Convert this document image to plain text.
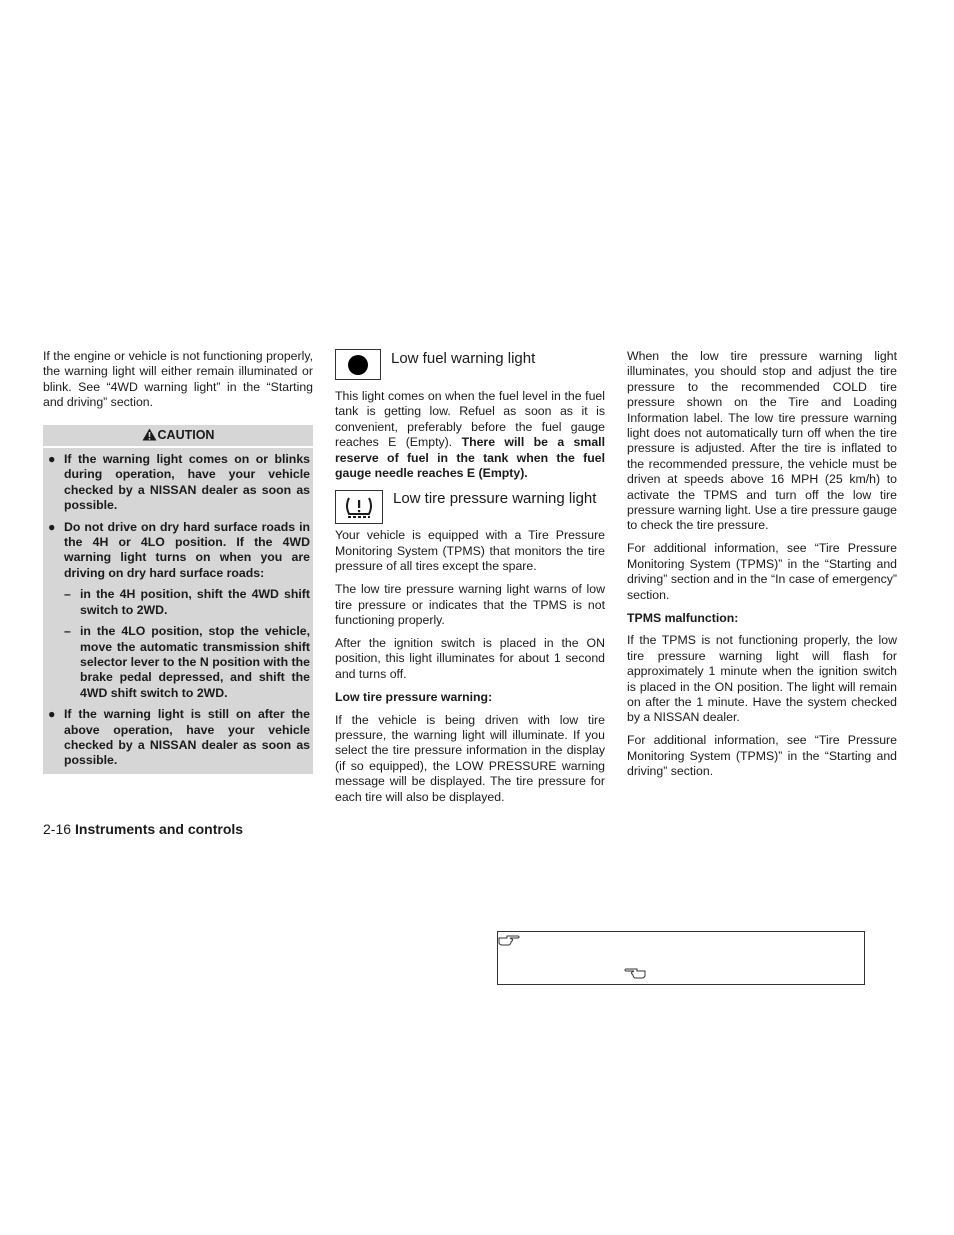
If the engine or vehicle is not functioning properly, the warning light will either remain illuminated or blink. See “4WD warning light” in the “Starting and driving” section.

CAUTION
● If the warning light comes on or blinks during operation, have your vehicle checked by a NISSAN dealer as soon as possible.
● Do not drive on dry hard surface roads in the 4H or 4LO position. If the 4WD warning light turns on when you are driving on dry hard surface roads:
– in the 4H position, shift the 4WD shift switch to 2WD.
– in the 4LO position, stop the vehicle, move the automatic transmission shift selector lever to the N position with the brake pedal depressed, and shift the 4WD shift switch to 2WD.
● If the warning light is still on after the above operation, have your vehicle checked by a NISSAN dealer as soon as possible.
Low fuel warning light

This light comes on when the fuel level in the fuel tank is getting low. Refuel as soon as it is convenient, preferably before the fuel gauge reaches E (Empty). There will be a small reserve of fuel in the tank when the fuel gauge needle reaches E (Empty).

Low tire pressure warning light

Your vehicle is equipped with a Tire Pressure Monitoring System (TPMS) that monitors the tire pressure of all tires except the spare.

The low tire pressure warning light warns of low tire pressure or indicates that the TPMS is not functioning properly.

After the ignition switch is placed in the ON position, this light illuminates for about 1 second and turns off.

Low tire pressure warning:

If the vehicle is being driven with low tire pressure, the warning light will illuminate. If you select the tire pressure information in the display (if so equipped), the LOW PRESSURE warning message will be displayed. The tire pressure for each tire will also be displayed.

When the low tire pressure warning light illuminates, you should stop and adjust the tire pressure to the recommended COLD tire pressure shown on the Tire and Loading Information label. The low tire pressure warning light does not automatically turn off when the tire pressure is adjusted. After the tire is inflated to the recommended pressure, the vehicle must be driven at speeds above 16 MPH (25 km/h) to activate the TPMS and turn off the low tire pressure warning light. Use a tire pressure gauge to check the tire pressure.

For additional information, see “Tire Pressure Monitoring System (TPMS)” in the “Starting and driving” section and in the “In case of emergency” section.

TPMS malfunction:

If the TPMS is not functioning properly, the low tire pressure warning light will flash for approximately 1 minute when the ignition switch is placed in the ON position. The light will remain on after the 1 minute. Have the system checked by a NISSAN dealer.

For additional information, see “Tire Pressure Monitoring System (TPMS)” in the “Starting and driving” section.

2-16 Instruments and controls
